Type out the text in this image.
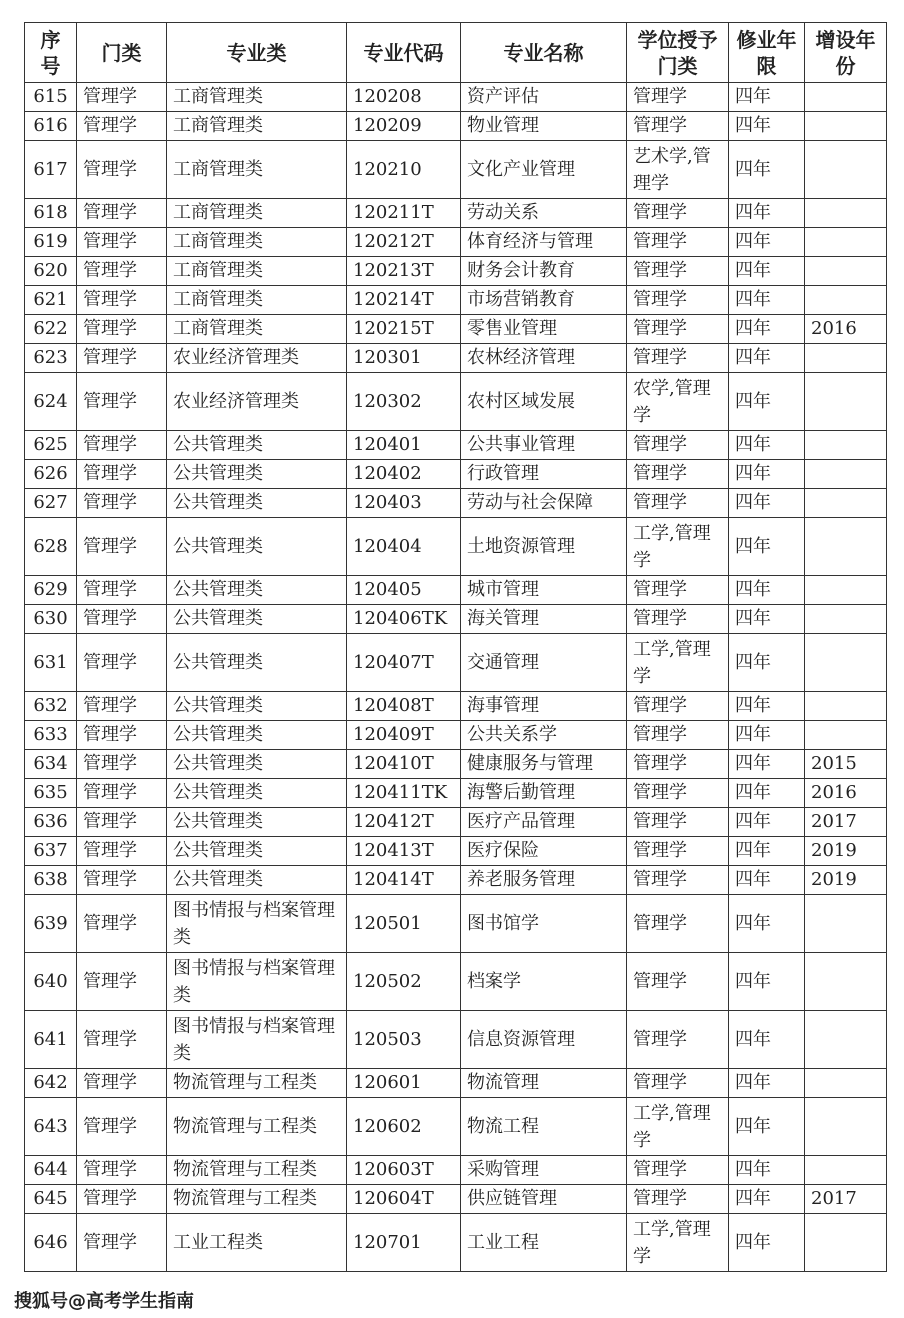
序号	门类	专业类	专业代码	专业名称	学位授予门类	修业年限	增设年份
615	管理学	工商管理类	120208	资产评估	管理学	四年	
616	管理学	工商管理类	120209	物业管理	管理学	四年	
617	管理学	工商管理类	120210	文化产业管理	艺术学,管理学	四年	
618	管理学	工商管理类	120211T	劳动关系	管理学	四年	
619	管理学	工商管理类	120212T	体育经济与管理	管理学	四年	
620	管理学	工商管理类	120213T	财务会计教育	管理学	四年	
621	管理学	工商管理类	120214T	市场营销教育	管理学	四年	
622	管理学	工商管理类	120215T	零售业管理	管理学	四年	2016
623	管理学	农业经济管理类	120301	农林经济管理	管理学	四年	
624	管理学	农业经济管理类	120302	农村区域发展	农学,管理学	四年	
625	管理学	公共管理类	120401	公共事业管理	管理学	四年	
626	管理学	公共管理类	120402	行政管理	管理学	四年	
627	管理学	公共管理类	120403	劳动与社会保障	管理学	四年	
628	管理学	公共管理类	120404	土地资源管理	工学,管理学	四年	
629	管理学	公共管理类	120405	城市管理	管理学	四年	
630	管理学	公共管理类	120406TK	海关管理	管理学	四年	
631	管理学	公共管理类	120407T	交通管理	工学,管理学	四年	
632	管理学	公共管理类	120408T	海事管理	管理学	四年	
633	管理学	公共管理类	120409T	公共关系学	管理学	四年	
634	管理学	公共管理类	120410T	健康服务与管理	管理学	四年	2015
635	管理学	公共管理类	120411TK	海警后勤管理	管理学	四年	2016
636	管理学	公共管理类	120412T	医疗产品管理	管理学	四年	2017
637	管理学	公共管理类	120413T	医疗保险	管理学	四年	2019
638	管理学	公共管理类	120414T	养老服务管理	管理学	四年	2019
639	管理学	图书情报与档案管理类	120501	图书馆学	管理学	四年	
640	管理学	图书情报与档案管理类	120502	档案学	管理学	四年	
641	管理学	图书情报与档案管理类	120503	信息资源管理	管理学	四年	
642	管理学	物流管理与工程类	120601	物流管理	管理学	四年	
643	管理学	物流管理与工程类	120602	物流工程	工学,管理学	四年	
644	管理学	物流管理与工程类	120603T	采购管理	管理学	四年	
645	管理学	物流管理与工程类	120604T	供应链管理	管理学	四年	2017
646	管理学	工业工程类	120701	工业工程	工学,管理学	四年	
搜狐号@高考学生指南
